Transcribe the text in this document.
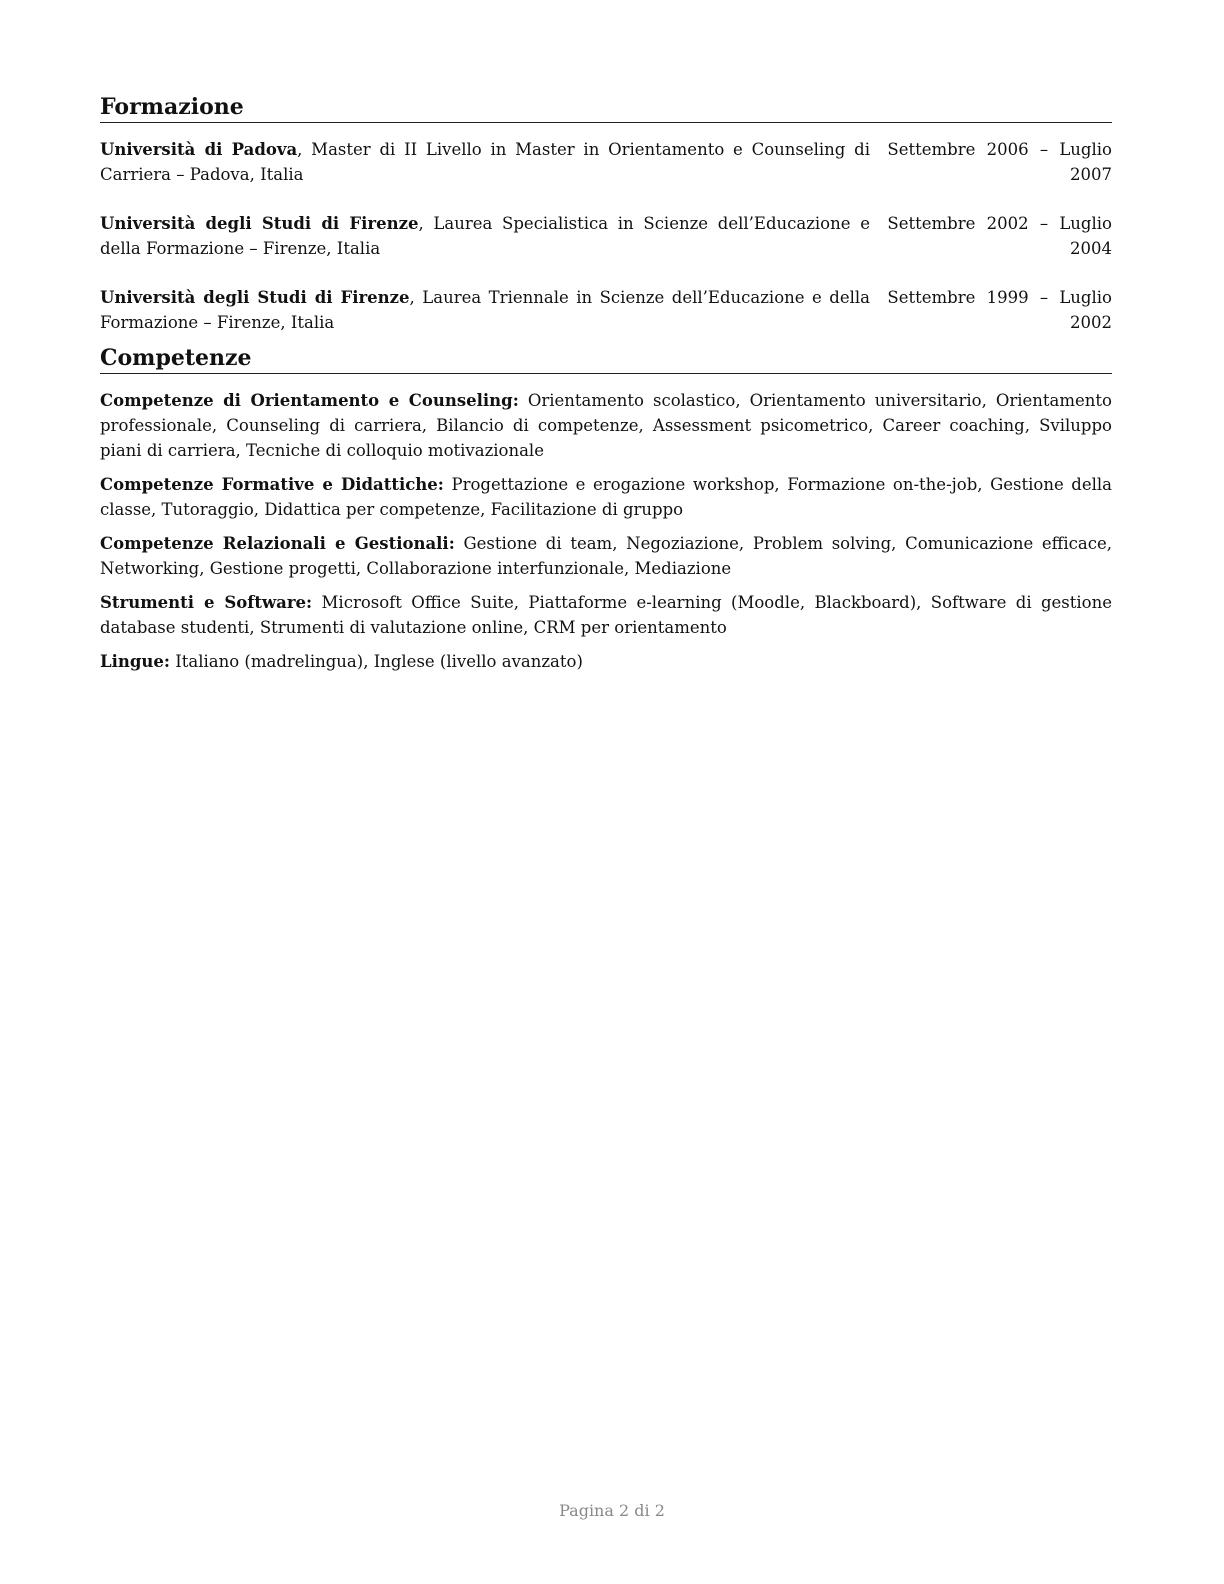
Formazione
Università di Padova, Master di II Livello in Master in Orientamento e Counseling di Carriera – Padova, Italia
Settembre 2006 – Luglio 2007
Università degli Studi di Firenze, Laurea Specialistica in Scienze dell’Educazione e della Formazione – Firenze, Italia
Settembre 2002 – Luglio 2004
Università degli Studi di Firenze, Laurea Triennale in Scienze dell’Educazione e della Formazione – Firenze, Italia
Settembre 1999 – Luglio 2002
Competenze
Competenze di Orientamento e Counseling: Orientamento scolastico, Orientamento universitario, Orientamento professionale, Counseling di carriera, Bilancio di competenze, Assessment psicometrico, Career coaching, Sviluppo piani di carriera, Tecniche di colloquio motivazionale
Competenze Formative e Didattiche: Progettazione e erogazione workshop, Formazione on-the-job, Gestione della classe, Tutoraggio, Didattica per competenze, Facilitazione di gruppo
Competenze Relazionali e Gestionali: Gestione di team, Negoziazione, Problem solving, Comunicazione efficace, Networking, Gestione progetti, Collaborazione interfunzionale, Mediazione
Strumenti e Software: Microsoft Office Suite, Piattaforme e-learning (Moodle, Blackboard), Software di gestione database studenti, Strumenti di valutazione online, CRM per orientamento
Lingue: Italiano (madrelingua), Inglese (livello avanzato)
Pagina 2 di 2
